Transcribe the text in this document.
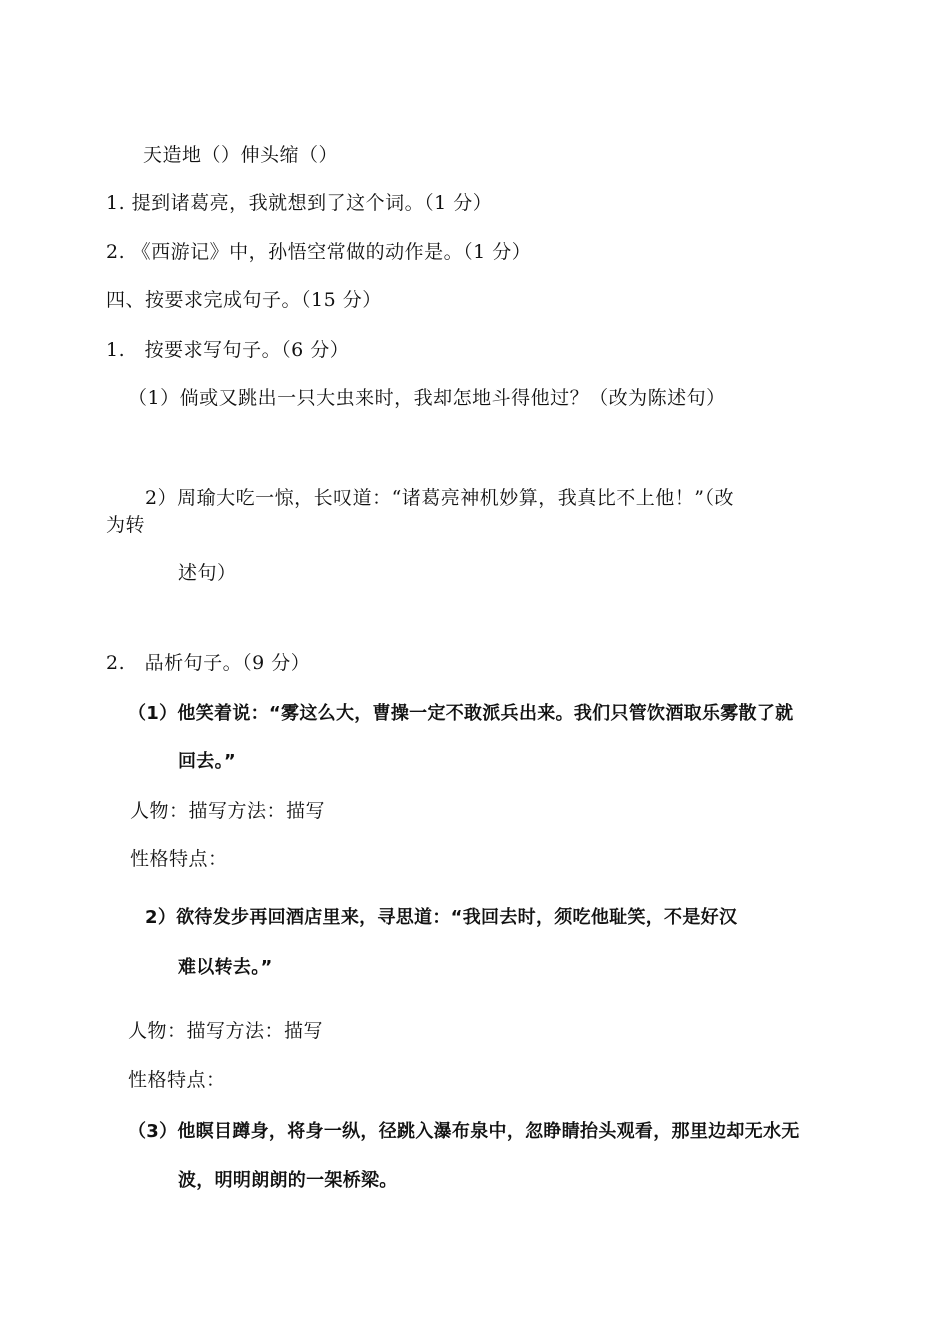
天造地（）伸头缩（）
1. 提到诸葛亮，我就想到了这个词。（1 分）
2. 《西游记》中，孙悟空常做的动作是。（1 分）
四、按要求完成句子。（15 分）
1.　按要求写句子。（6 分）
（1）倘或又跳出一只大虫来时，我却怎地斗得他过？（改为陈述句）
2）周瑜大吃一惊，长叹道：“诸葛亮神机妙算，我真比不上他！”（改
为转
述句）
2.　品析句子。（9 分）
（1）他笑着说：“雾这么大，曹操一定不敢派兵出来。我们只管饮酒取乐雾散了就
回去。”
人物：描写方法：描写
性格特点：
2）欲待发步再回酒店里来，寻思道：“我回去时，须吃他耻笑，不是好汉
难以转去。”
人物：描写方法：描写
性格特点：
（3）他瞑目蹲身，将身一纵，径跳入瀑布泉中，忽睁睛抬头观看，那里边却无水无
波，明明朗朗的一架桥梁。
